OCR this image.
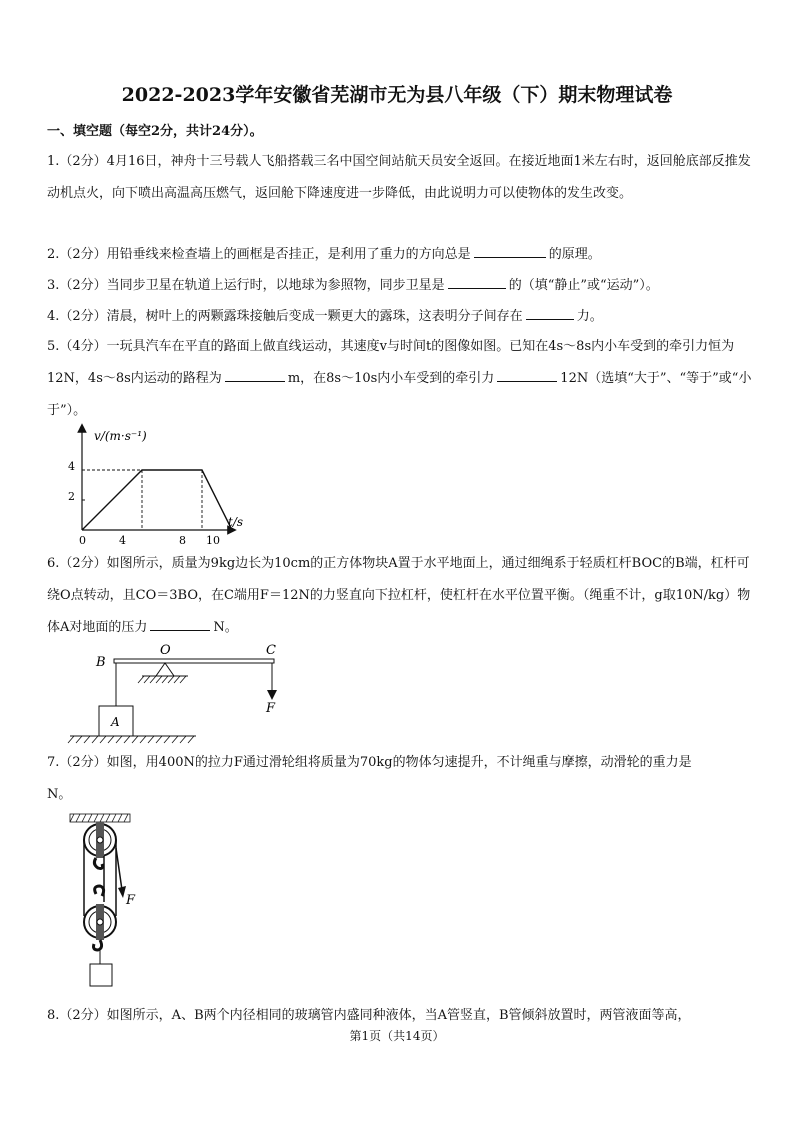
2022-2023学年安徽省芜湖市无为县八年级（下）期末物理试卷
一、填空题（每空2分，共计24分）。
1.（2分）4月16日，神舟十三号载人飞船搭载三名中国空间站航天员安全返回。在接近地面1米左右时，返回舱底部反推发动机点火，向下喷出高温高压燃气，返回舱下降速度进一步降低，由此说明力可以使物体的发生改变。
2.（2分）用铅垂线来检查墙上的画框是否挂正，是利用了重力的方向总是	的原理。
3.（2分）当同步卫星在轨道上运行时，以地球为参照物，同步卫星是	的（填“静止”或“运动”）。
4.（2分）清晨，树叶上的两颗露珠接触后变成一颗更大的露珠，这表明分子间存在	力。
5.（4分）一玩具汽车在平直的路面上做直线运动，其速度v与时间t的图像如图。已知在4s～8s内小车受到的牵引力恒为12N，4s～8s内运动的路程为	m，在8s～10s内小车受到的牵引力	12N（选填“大于”、“等于”或“小于”）。
v/(m·s⁻¹)
t/s
4
2
0	4	8 10
6.（2分）如图所示，质量为9kg边长为10cm的正方体物块A置于水平地面上，通过细绳系于轻质杠杆BOC的B端，杠杆可绕O点转动，且CO＝3BO，在C端用F＝12N的力竖直向下拉杠杆，使杠杆在水平位置平衡。（绳重不计，g取10N/kg）物体A对地面的压力	N。
B
O	C
A
F
7.（2分）如图，用400N的拉力F通过滑轮组将质量为70kg的物体匀速提升，不计绳重与摩擦，动滑轮的重力是
N。
F
8.（2分）如图所示，A、B两个内径相同的玻璃管内盛同种液体，当A管竖直，B管倾斜放置时，两管液面等高，
第1页（共14页）
